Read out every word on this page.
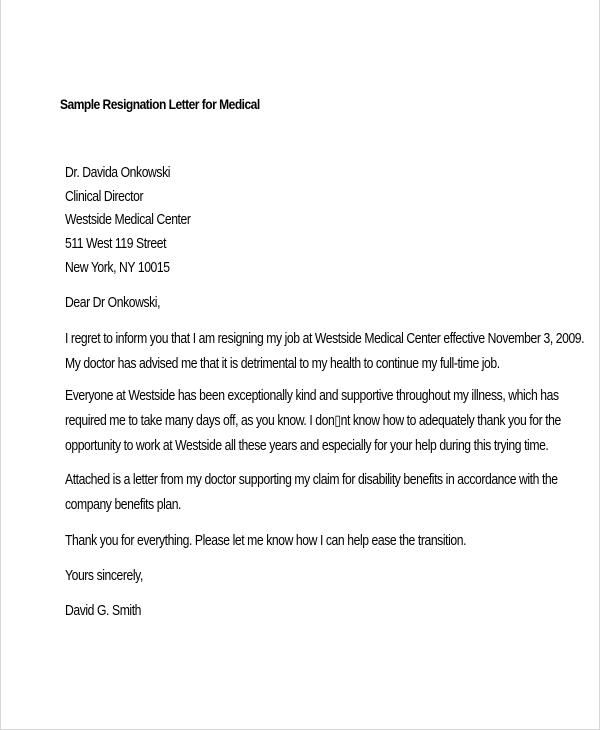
Sample Resignation Letter for Medical
Dr. Davida Onkowski
Clinical Director
Westside Medical Center
511 West 119 Street
New York, NY 10015
Dear Dr Onkowski,
I regret to inform you that I am resigning my job at Westside Medical Center effective November 3, 2009.
My doctor has advised me that it is detrimental to my health to continue my full-time job.
Everyone at Westside has been exceptionally kind and supportive throughout my illness, which has
required me to take many days off, as you know. I don▯nt know how to adequately thank you for the
opportunity to work at Westside all these years and especially for your help during this trying time.
Attached is a letter from my doctor supporting my claim for disability benefits in accordance with the
company benefits plan.
Thank you for everything. Please let me know how I can help ease the transition.
Yours sincerely,
David G. Smith
